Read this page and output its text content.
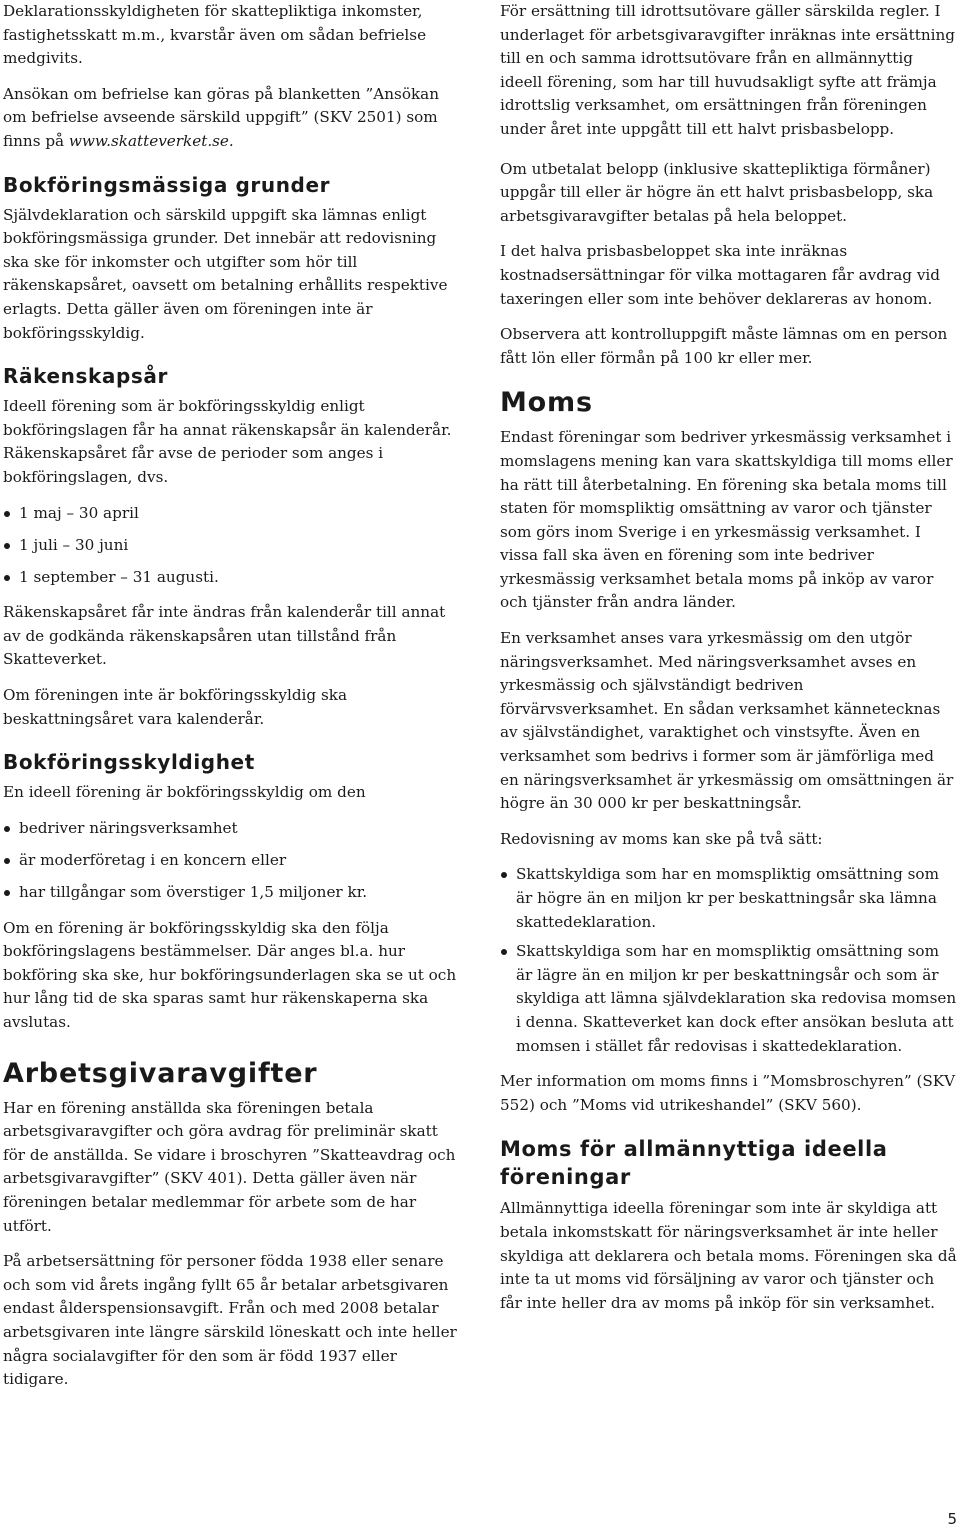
Deklarationsskyldigheten för skattepliktiga inkomster, fastighetsskatt m.m., kvarstår även om sådan befrielse medgivits.

Ansökan om befrielse kan göras på blanketten ”Ansökan om befrielse avseende särskild uppgift” (SKV 2501) som finns på www.skatteverket.se.

Bokföringsmässiga grunder

Självdeklaration och särskild uppgift ska lämnas enligt bokföringsmässiga grunder. Det innebär att redovisning ska ske för inkomster och utgifter som hör till räkenskapsåret, oavsett om betalning erhållits respektive erlagts. Detta gäller även om föreningen inte är bokföringsskyldig.

Räkenskapsår

Ideell förening som är bokföringsskyldig enligt bokföringslagen får ha annat räkenskapsår än kalenderår. Räkenskapsåret får avse de perioder som anges i bokföringslagen, dvs.

1 maj – 30 april
1 juli – 30 juni
1 september – 31 augusti.

Räkenskapsåret får inte ändras från kalenderår till annat av de godkända räkenskapsåren utan tillstånd från Skatteverket.

Om föreningen inte är bokföringsskyldig ska beskattningsåret vara kalenderår.

Bokföringsskyldighet

En ideell förening är bokföringsskyldig om den

bedriver näringsverksamhet
är moderföretag i en koncern eller
har tillgångar som överstiger 1,5 miljoner kr.

Om en förening är bokföringsskyldig ska den följa bokföringslagens bestämmelser. Där anges bl.a. hur bokföring ska ske, hur bokföringsunderlagen ska se ut och hur lång tid de ska sparas samt hur räkenskaperna ska avslutas.

Arbetsgivaravgifter

Har en förening anställda ska föreningen betala arbetsgivaravgifter och göra avdrag för preliminär skatt för de anställda. Se vidare i broschyren ”Skatteavdrag och arbetsgivaravgifter” (SKV 401). Detta gäller även när föreningen betalar medlemmar för arbete som de har utfört.

På arbetsersättning för personer födda 1938 eller senare och som vid årets ingång fyllt 65 år betalar arbetsgivaren endast ålderspensionsavgift. Från och med 2008 betalar arbetsgivaren inte längre särskild löneskatt och inte heller några socialavgifter för den som är född 1937 eller tidigare.

För ersättning till idrottsutövare gäller särskilda regler. I underlaget för arbetsgivaravgifter inräknas inte ersättning till en och samma idrottsutövare från en allmännyttig ideell förening, som har till huvudsakligt syfte att främja idrottslig verksamhet, om ersättningen från föreningen under året inte uppgått till ett halvt prisbasbelopp.

Om utbetalat belopp (inklusive skattepliktiga förmåner) uppgår till eller är högre än ett halvt prisbasbelopp, ska arbetsgivaravgifter betalas på hela beloppet.

I det halva prisbasbeloppet ska inte inräknas kostnadsersättningar för vilka mottagaren får avdrag vid taxeringen eller som inte behöver deklareras av honom.

Observera att kontrolluppgift måste lämnas om en person fått lön eller förmån på 100 kr eller mer.

Moms

Endast föreningar som bedriver yrkesmässig verksamhet i momslagens mening kan vara skattskyldiga till moms eller ha rätt till återbetalning. En förening ska betala moms till staten för momspliktig omsättning av varor och tjänster som görs inom Sverige i en yrkesmässig verksamhet. I vissa fall ska även en förening som inte bedriver yrkesmässig verksamhet betala moms på inköp av varor och tjänster från andra länder.

En verksamhet anses vara yrkesmässig om den utgör näringsverksamhet. Med näringsverksamhet avses en yrkesmässig och självständigt bedriven förvärvsverksamhet. En sådan verksamhet kännetecknas av självständighet, varaktighet och vinstsyfte. Även en verksamhet som bedrivs i former som är jämförliga med en näringsverksamhet är yrkesmässig om omsättningen är högre än 30 000 kr per beskattningsår.

Redovisning av moms kan ske på två sätt:

Skattskyldiga som har en momspliktig omsättning som är högre än en miljon kr per beskattningsår ska lämna skattedeklaration.
Skattskyldiga som har en momspliktig omsättning som är lägre än en miljon kr per beskattningsår och som är skyldiga att lämna självdeklaration ska redovisa momsen i denna. Skatteverket kan dock efter ansökan besluta att momsen i stället får redovisas i skattedeklaration.

Mer information om moms finns i ”Momsbroschyren” (SKV 552) och ”Moms vid utrikeshandel” (SKV 560).

Moms för allmännyttiga ideella föreningar

Allmännyttiga ideella föreningar som inte är skyldiga att betala inkomstskatt för näringsverksamhet är inte heller skyldiga att deklarera och betala moms. Föreningen ska då inte ta ut moms vid försäljning av varor och tjänster och får inte heller dra av moms på inköp för sin verksamhet.

5
